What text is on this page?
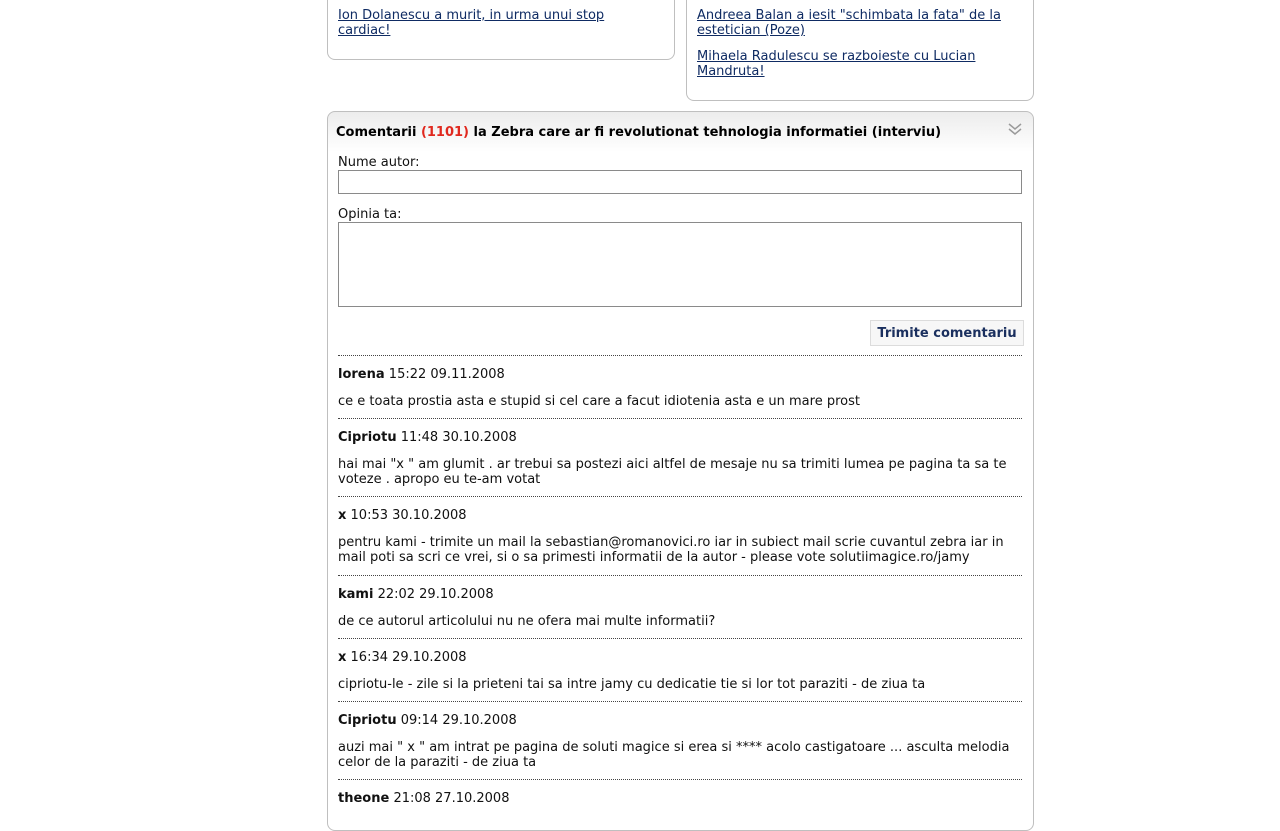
Ion Dolanescu a murit, in urma unui stop cardiac!
Andreea Balan a iesit "schimbata la fata" de la estetician (Poze)
Mihaela Radulescu se razboieste cu Lucian Mandruta!
Comentarii (1101) la Zebra care ar fi revolutionat tehnologia informatiei (interviu)
Nume autor:
Opinia ta:
Trimite comentariu
lorena 15:22 09.11.2008
ce e toata prostia asta e stupid si cel care a facut idiotenia asta e un mare prost
Cipriotu 11:48 30.10.2008
hai mai "x " am glumit . ar trebui sa postezi aici altfel de mesaje nu sa trimiti lumea pe pagina ta sa te voteze . apropo eu te-am votat
x 10:53 30.10.2008
pentru kami - trimite un mail la sebastian@romanovici.ro iar in subiect mail scrie cuvantul zebra iar in mail poti sa scri ce vrei, si o sa primesti informatii de la autor - please vote solutiimagice.ro/jamy
kami 22:02 29.10.2008
de ce autorul articolului nu ne ofera mai multe informatii?
x 16:34 29.10.2008
cipriotu-le - zile si la prieteni tai sa intre jamy cu dedicatie tie si lor tot paraziti - de ziua ta
Cipriotu 09:14 29.10.2008
auzi mai " x " am intrat pe pagina de soluti magice si erea si **** acolo castigatoare ... asculta melodia celor de la paraziti - de ziua ta
theone 21:08 27.10.2008
